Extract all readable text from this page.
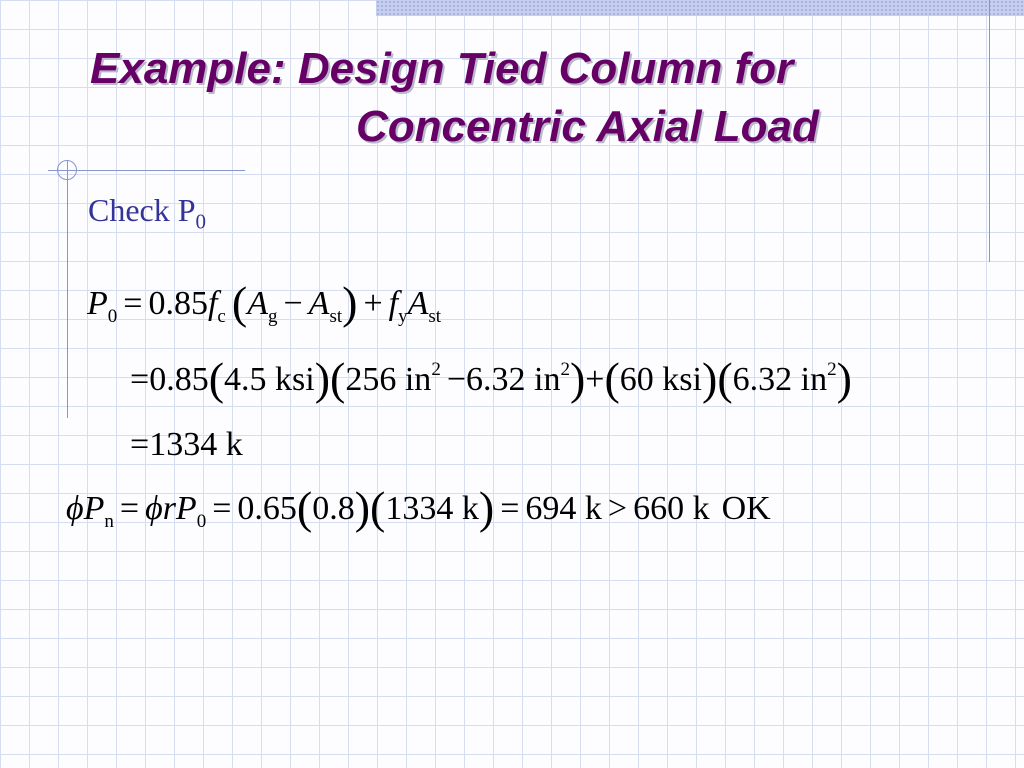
Example: Design Tied Column for
Concentric Axial Load
Check $P_0$
$P_0 = 0.85f_c$ $(A_g - A_{st}) + f_yA_{st}$
=0.85(4.5 ksi)(256 $in^2 -6.32$ $in^2)+(60$ ksi)(6.32 $in^2$)
=1334 k
$\phi P_n = \phi rP_0 = 0.65(0.8)(1334$ k) = 694 k > 660 k OK
